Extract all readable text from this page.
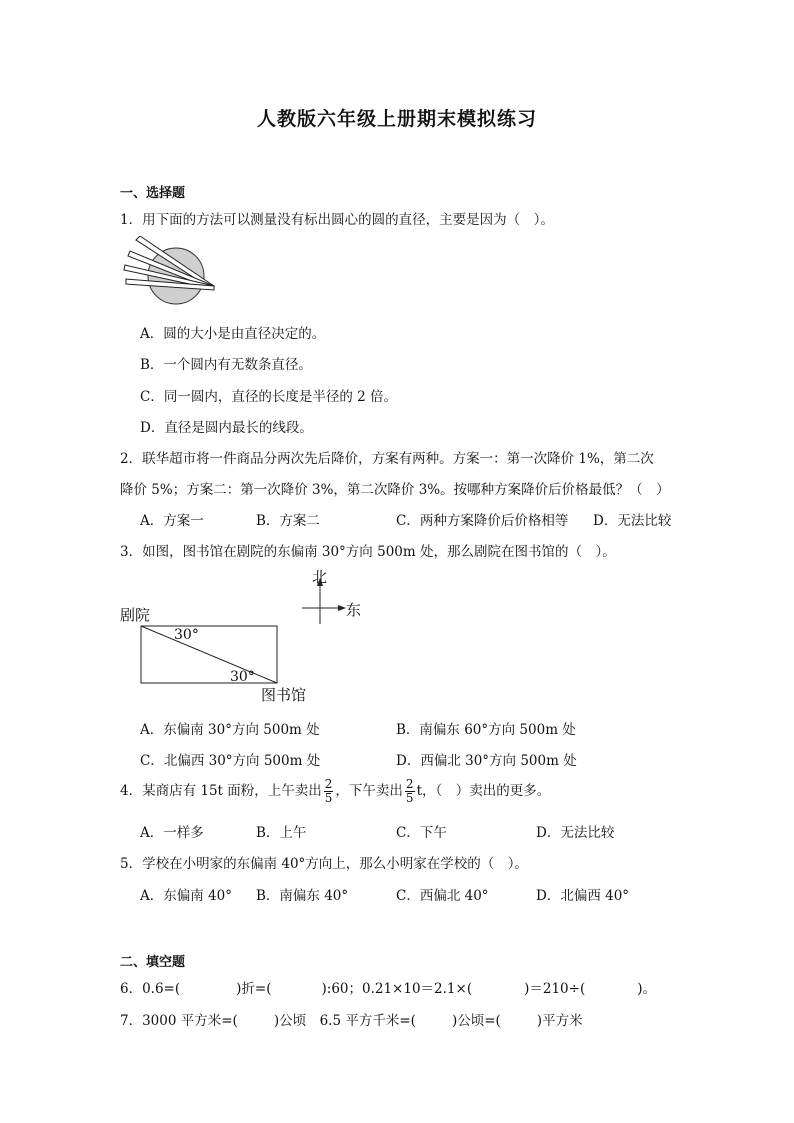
人教版六年级上册期末模拟练习
一、选择题
1．用下面的方法可以测量没有标出圆心的圆的直径，主要是因为（　）。
A．圆的大小是由直径决定的。
B．一个圆内有无数条直径。
C．同一圆内，直径的长度是半径的 2 倍。
D．直径是圆内最长的线段。
2．联华超市将一件商品分两次先后降价，方案有两种。方案一：第一次降价 1%，第二次
降价 5%；方案二：第一次降价 3%，第二次降价 3%。按哪种方案降价后价格最低？（　）
A．方案一	B．方案二	C．两种方案降价后价格相等 D．无法比较
3．如图，图书馆在剧院的东偏南 30°方向 500m 处，那么剧院在图书馆的（　）。
北
东
剧院
图书馆
30°
30°
A．东偏南 30°方向 500m 处	B．南偏东 60°方向 500m 处
C．北偏西 30°方向 500m 处	D．西偏北 30°方向 500m 处
4．某商店有 15t 面粉，上午卖出 $\frac{2}{5}$ ，下午卖出 $\frac{2}{5}$ t，（　）卖出的更多。
A．一样多	B．上午	C．下午	D．无法比较
5．学校在小明家的东偏南 40°方向上，那么小明家在学校的（　）。
A．东偏南 40° B．南偏东 40°	C．西偏北 40°	D．北偏西 40°
二、填空题
6．0.6=(	)折=(	):60；0.21×10＝2.1×(	)＝210÷(	)。
7．3000 平方米=(	)公顷　6.5 平方千米=(	)公顷=(	)平方米
